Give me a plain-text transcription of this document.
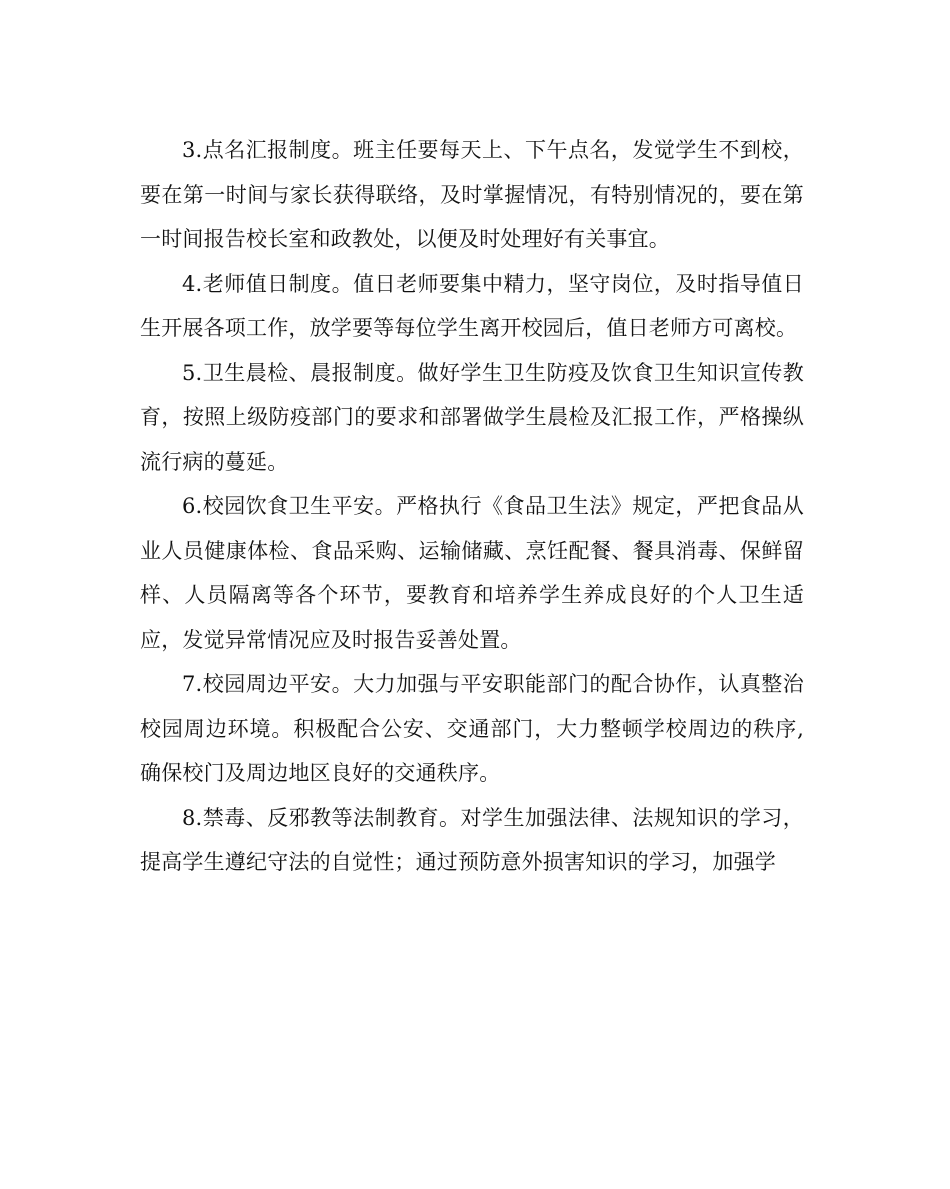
3.点名汇报制度。班主任要每天上、下午点名，发觉学生不到校，要在第一时间与家长获得联络，及时掌握情况，有特别情况的，要在第一时间报告校长室和政教处，以便及时处理好有关事宜。

4.老师值日制度。值日老师要集中精力，坚守岗位，及时指导值日生开展各项工作，放学要等每位学生离开校园后，值日老师方可离校。

5.卫生晨检、晨报制度。做好学生卫生防疫及饮食卫生知识宣传教育，按照上级防疫部门的要求和部署做学生晨检及汇报工作，严格操纵流行病的蔓延。

6.校园饮食卫生平安。严格执行《食品卫生法》规定，严把食品从业人员健康体检、食品采购、运输储藏、烹饪配餐、餐具消毒、保鲜留样、人员隔离等各个环节，要教育和培养学生养成良好的个人卫生适应，发觉异常情况应及时报告妥善处置。

7.校园周边平安。大力加强与平安职能部门的配合协作，认真整治校园周边环境。积极配合公安、交通部门，大力整顿学校周边的秩序,确保校门及周边地区良好的交通秩序。

8.禁毒、反邪教等法制教育。对学生加强法律、法规知识的学习，提高学生遵纪守法的自觉性；通过预防意外损害知识的学习，加强学
